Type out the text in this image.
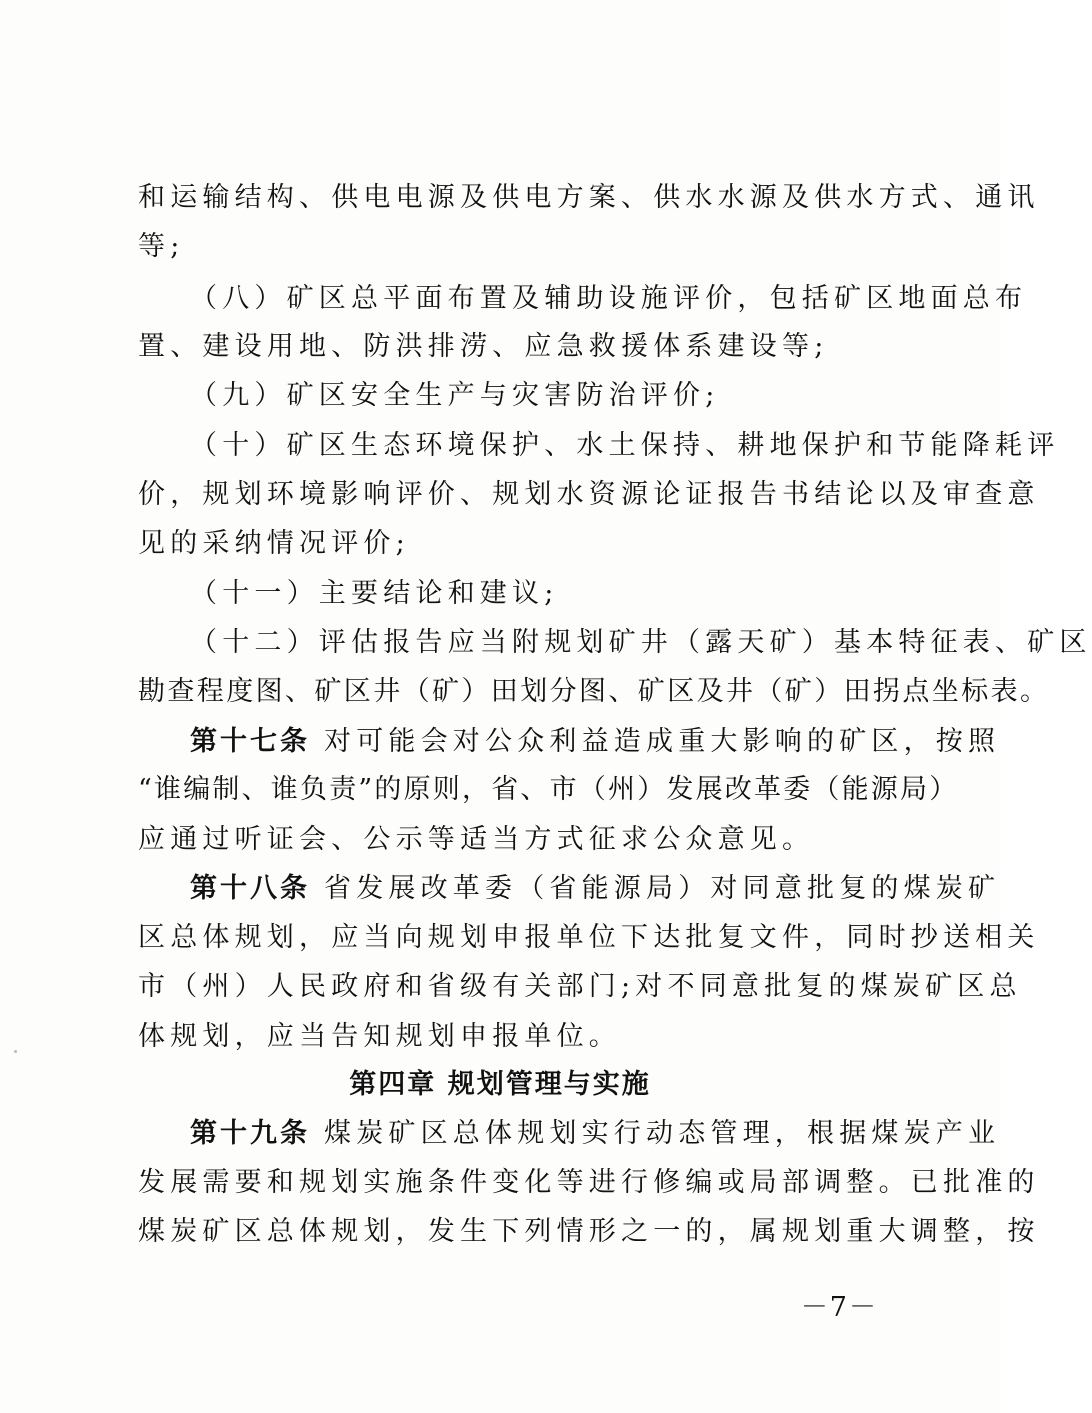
和运输结构、供电电源及供电方案、供水水源及供水方式、通讯
等;
（八）矿区总平面布置及辅助设施评价，包括矿区地面总布
置、建设用地、防洪排涝、应急救援体系建设等;
（九）矿区安全生产与灾害防治评价;
（十）矿区生态环境保护、水土保持、耕地保护和节能降耗评
价，规划环境影响评价、规划水资源论证报告书结论以及审查意
见的采纳情况评价;
（十一）主要结论和建议;
（十二）评估报告应当附规划矿井（露天矿）基本特征表、矿区
勘查程度图、矿区井（矿）田划分图、矿区及井（矿）田拐点坐标表。
第十七条 对可能会对公众利益造成重大影响的矿区，按照
“谁编制、谁负责”的原则，省、市（州）发展改革委（能源局）
应通过听证会、公示等适当方式征求公众意见。
第十八条 省发展改革委（省能源局）对同意批复的煤炭矿
区总体规划，应当向规划申报单位下达批复文件，同时抄送相关
市（州）人民政府和省级有关部门;对不同意批复的煤炭矿区总
体规划，应当告知规划申报单位。
第四章 规划管理与实施
第十九条 煤炭矿区总体规划实行动态管理，根据煤炭产业
发展需要和规划实施条件变化等进行修编或局部调整。已批准的
煤炭矿区总体规划，发生下列情形之一的，属规划重大调整，按
－7－
